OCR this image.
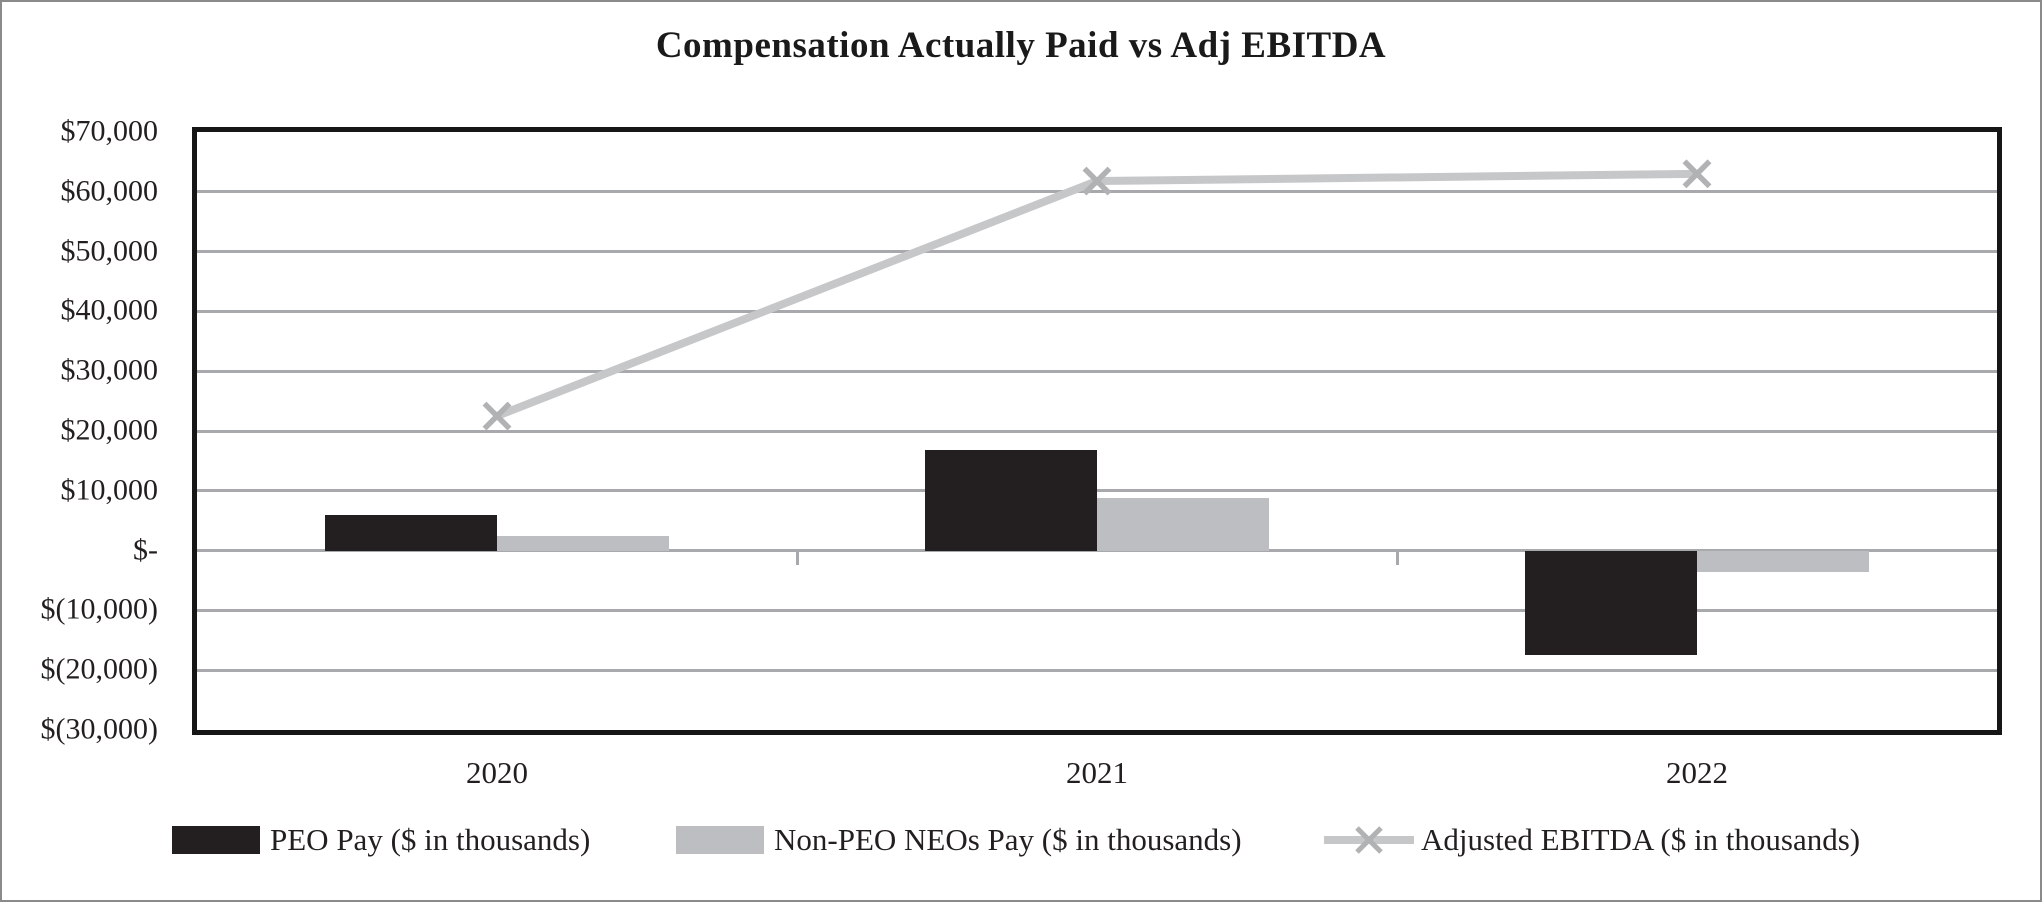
Compensation Actually Paid vs Adj EBITDA
$70,000
$60,000
$50,000
$40,000
$30,000
$20,000
$10,000
$-
$(10,000)
$(20,000)
$(30,000)
2020	2021	2022
PEO Pay ($ in thousands)	Non-PEO NEOs Pay ($ in thousands)	Adjusted EBITDA ($ in thousands)
